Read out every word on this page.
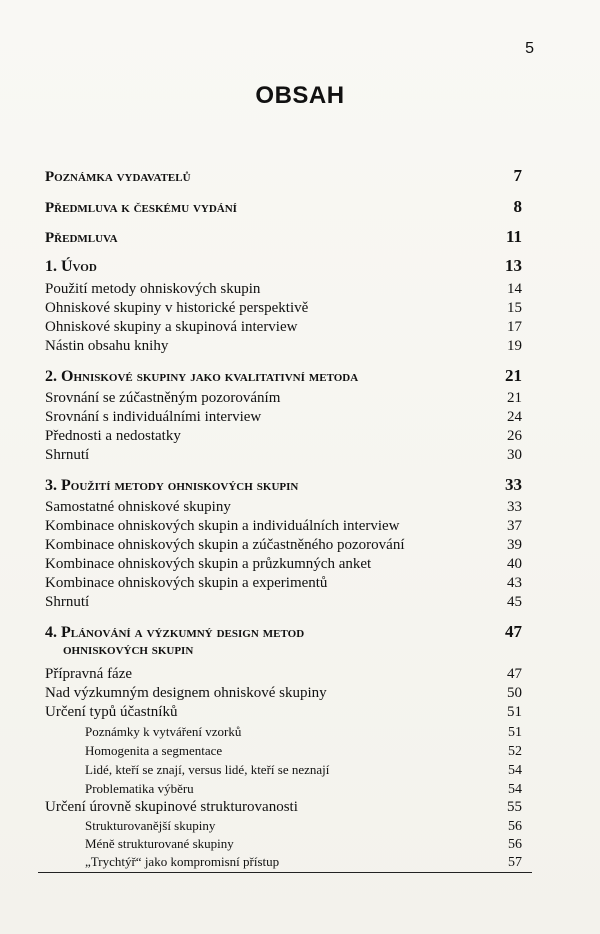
5
OBSAH
Poznámka vydavatelů	7
Předmluva k českému vydání	8
Předmluva	11
1. Úvod	13
Použití metody ohniskových skupin	14
Ohniskové skupiny v historické perspektivě	15
Ohniskové skupiny a skupinová interview	17
Nástin obsahu knihy	19
2. Ohniskové skupiny jako kvalitativní metoda	21
Srovnání se zúčastněným pozorováním	21
Srovnání s individuálními interview	24
Přednosti a nedostatky	26
Shrnutí	30
3. Použití metody ohniskových skupin	33
Samostatné ohniskové skupiny	33
Kombinace ohniskových skupin a individuálních interview	37
Kombinace ohniskových skupin a zúčastněného pozorování	39
Kombinace ohniskových skupin a průzkumných anket	40
Kombinace ohniskových skupin a experimentů	43
Shrnutí	45
4. Plánování a výzkumný design metod	47
ohniskových skupin
Přípravná fáze	47
Nad výzkumným designem ohniskové skupiny	50
Určení typů účastníků	51
Poznámky k vytváření vzorků	51
Homogenita a segmentace	52
Lidé, kteří se znají, versus lidé, kteří se neznají	54
Problematika výběru	54
Určení úrovně skupinové strukturovanosti	55
Strukturovanější skupiny	56
Méně strukturované skupiny	56
„Trychtýř“ jako kompromisní přístup	57
